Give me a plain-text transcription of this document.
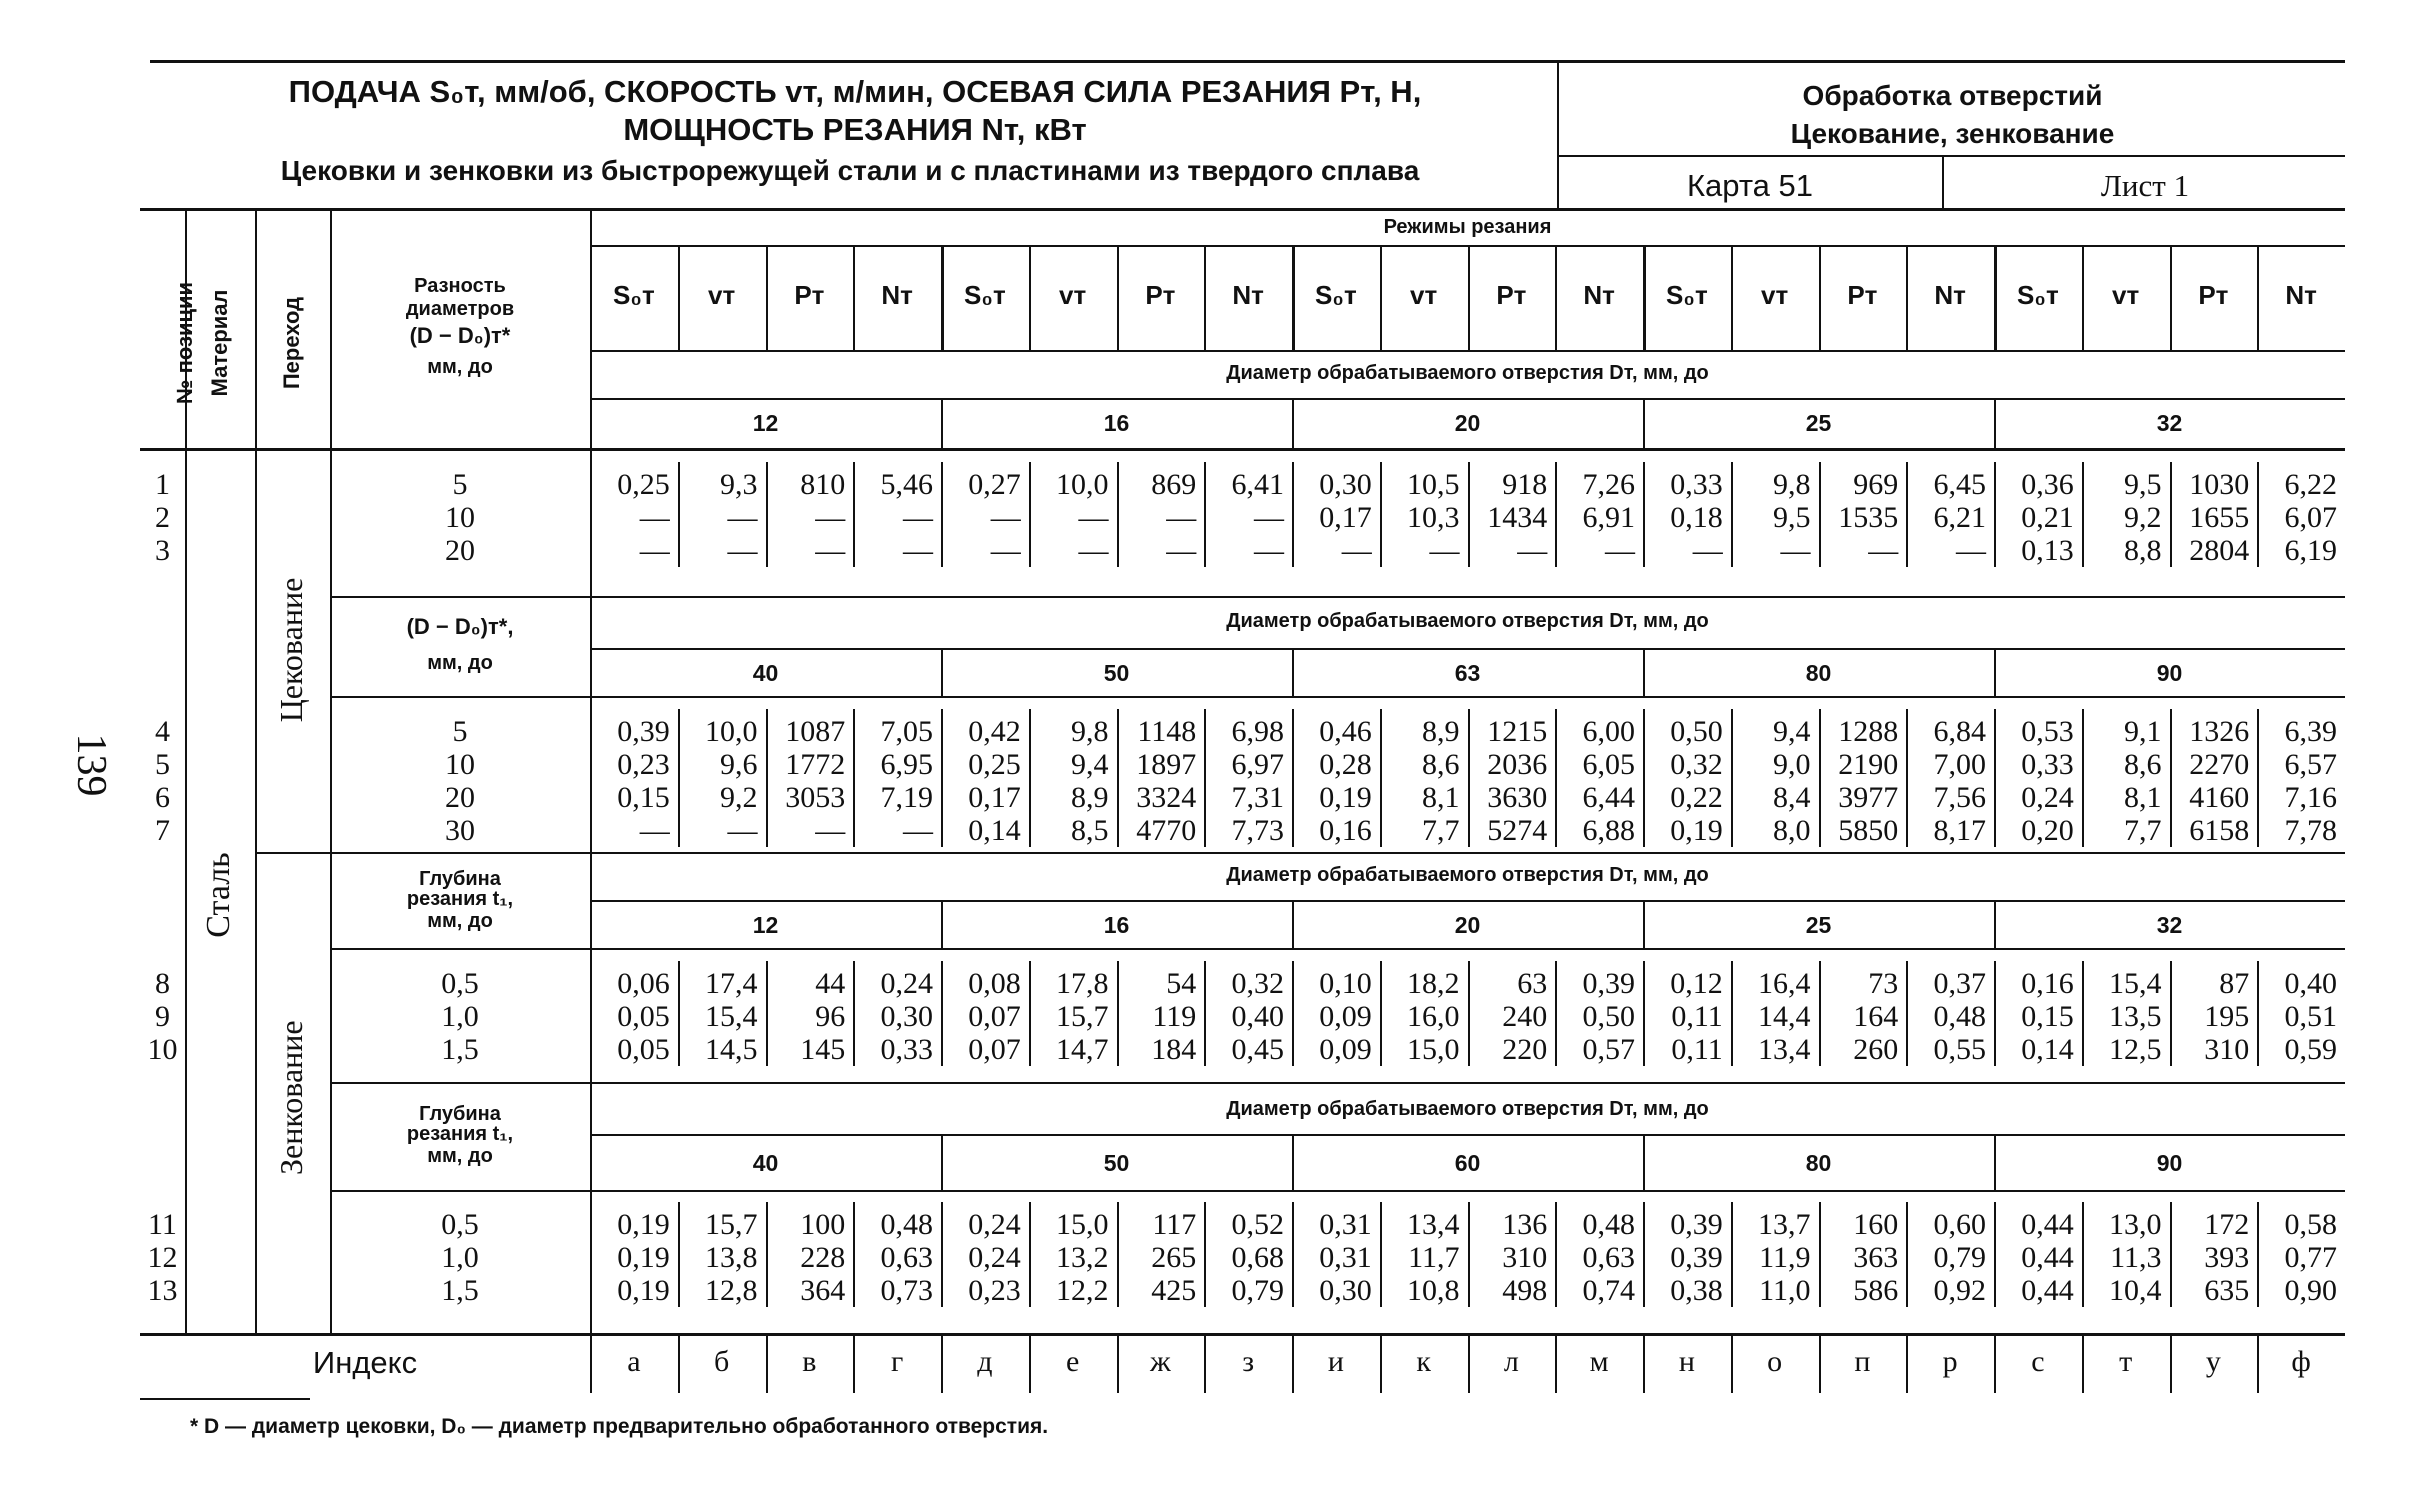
139
ПОДАЧА S₀т, мм/об, СКОРОСТЬ vт, м/мин, ОСЕВАЯ СИЛА РЕЗАНИЯ Pт, Н,
МОЩНОСТЬ РЕЗАНИЯ Nт, кВт
Цековки и зенковки из быстрорежущей стали и с пластинами из твердого сплава
Обработка отверстий
Цекование, зенкование
Карта 51	Лист 1
№ позиции Материал Переход
Разность
диаметров
(D − D₀)т*
мм, до
Режимы резания
Диаметр обрабатываемого отверстия Dт, мм, до
(D − D₀)т*,
мм, до
Диаметр обрабатываемого отверстия Dт, мм, до
Глубина
резания t₁,
мм, до
Диаметр обрабатываемого отверстия Dт, мм, до
Глубина
резания t₁,
мм, до
Диаметр обрабатываемого отверстия Dт, мм, до
Сталь
Цекование
Зенкование
Индекс
* D — диаметр цековки, D₀ — диаметр предварительно обработанного отверстия.
S₀т	vт	Pт	Nт	S₀т	vт	Pт	Nт	S₀т	vт	Pт	Nт	S₀т	vт	Pт	Nт	S₀т	vт	Pт	Nт
12	16	20	25	32
40	50	63	80	90
12	16	20	25	32
40	50	60	80	90
1	5	0,25	9,3	810	5,46	0,27	10,0	869	6,41	0,30	10,5	918	7,26	0,33	9,8	969	6,45	0,36	9,5 1030	6,22
2	10	—	—	—	—	—	—	—	—	0,17	10,3 1434	6,91	0,18	9,5 1535	6,21	0,21	9,2 1655	6,07
3	20	—	—	—	—	—	—	—	—	—	—	—	—	—	—	—	—	0,13	8,8 2804	6,19
4	5	0,39	10,0 1087	7,05	0,42	9,8 1148	6,98	0,46	8,9 1215	6,00	0,50	9,4 1288	6,84	0,53	9,1 1326	6,39
5	10	0,23	9,6 1772	6,95	0,25	9,4 1897	6,97	0,28	8,6 2036	6,05	0,32	9,0 2190	7,00	0,33	8,6 2270	6,57
6	20	0,15	9,2 3053	7,19	0,17	8,9 3324	7,31	0,19	8,1 3630	6,44	0,22	8,4 3977	7,56	0,24	8,1 4160	7,16
7	30	—	—	—	—	0,14	8,5 4770	7,73	0,16	7,7 5274	6,88	0,19	8,0 5850	8,17	0,20	7,7 6158	7,78
8	0,5	0,06	17,4	44	0,24	0,08	17,8	54	0,32	0,10	18,2	63	0,39	0,12	16,4	73	0,37	0,16	15,4	87	0,40
9	1,0	0,05	15,4	96	0,30	0,07	15,7	119	0,40	0,09	16,0	240	0,50	0,11	14,4	164	0,48	0,15	13,5	195	0,51
10	1,5	0,05	14,5	145	0,33	0,07	14,7	184	0,45	0,09	15,0	220	0,57	0,11	13,4	260	0,55	0,14	12,5	310	0,59
11	0,5	0,19	15,7	100	0,48	0,24	15,0	117	0,52	0,31	13,4	136	0,48	0,39	13,7	160	0,60	0,44	13,0	172	0,58
12	1,0	0,19	13,8	228	0,63	0,24	13,2	265	0,68	0,31	11,7	310	0,63	0,39	11,9	363	0,79	0,44	11,3	393	0,77
13	1,5	0,19	12,8	364	0,73	0,23	12,2	425	0,79	0,30	10,8	498	0,74	0,38	11,0	586	0,92	0,44	10,4	635	0,90
а	б	в	г	д	е	ж	з	и	к	л	м	н	о	п	р	с	т	у	ф
